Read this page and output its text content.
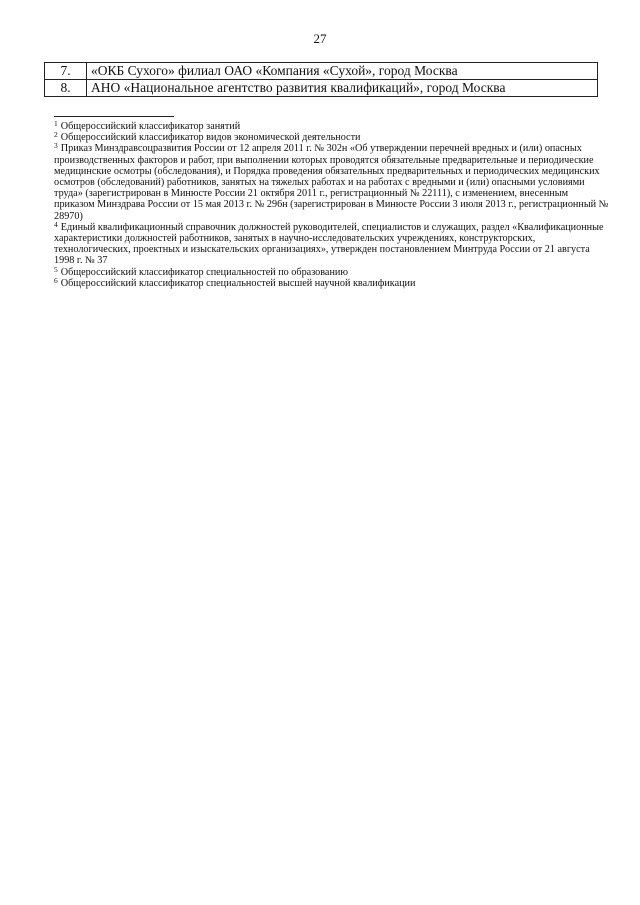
27
7.	«ОКБ Сухого» филиал ОАО «Компания «Сухой», город Москва
8.	АНО «Национальное агентство развития квалификаций», город Москва

$^1$ Общероссийский классификатор занятий

$^2$ Общероссийский классификатор видов экономической деятельности

$^3$ Приказ Минздравсоцразвития России от 12 апреля 2011 г. № 302н «Об утверждении перечней вредных и (или) опасных производственных факторов и работ, при выполнении которых проводятся обязательные предварительные и периодические медицинские осмотры (обследования), и Порядка проведения обязательных предварительных и периодических медицинских осмотров (обследований) работников, занятых на тяжелых работах и на работах с вредными и (или) опасными условиями труда» (зарегистрирован в Минюсте России 21 октября 2011 г., регистрационный № 22111), с изменением, внесенным приказом Минздрава России от 15 мая 2013 г. № 296н (зарегистрирован в Минюсте России 3 июля 2013 г., регистрационный № 28970)

$^4$ Единый квалификационный справочник должностей руководителей, специалистов и служащих, раздел «Квалификационные характеристики должностей работников, занятых в научно-исследовательских учреждениях, конструкторских, технологических, проектных и изыскательских организациях», утвержден постановлением Минтруда России от 21 августа 1998 г. № 37

$^5$ Общероссийский классификатор специальностей по образованию

$^6$ Общероссийский классификатор специальностей высшей научной квалификации
